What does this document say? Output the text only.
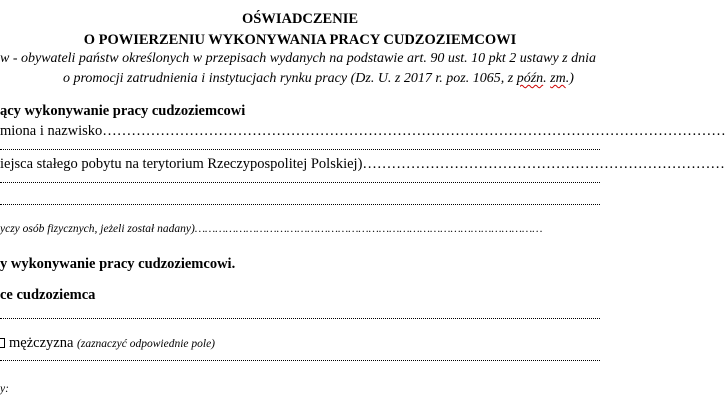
OŚWIADCZENIE
O POWIERZENIU WYKONYWANIA PRACY CUDZOZIEMCOWI
w - obywateli państw określonych w przepisach wydanych na podstawie art. 90 ust. 10 pkt 2 ustawy z dnia
o promocji zatrudnienia i instytucjach rynku pracy (Dz. U. z 2017 r. poz. 1065, z późn. zm.)
ący wykonywanie pracy cudzoziemcowi
miona i nazwisko…………………………………………………………………………………………………………………
iejsca stałego pobytu na terytorium Rzeczypospolitej Polskiej)…………………………………………………………………
yczy osób fizycznych, jeżeli został nadany)…………………………………………………………………………………………
y wykonywanie pracy cudzoziemcowi.
ce cudzoziemca
mężczyzna (zaznaczyć odpowiednie pole)
y:
